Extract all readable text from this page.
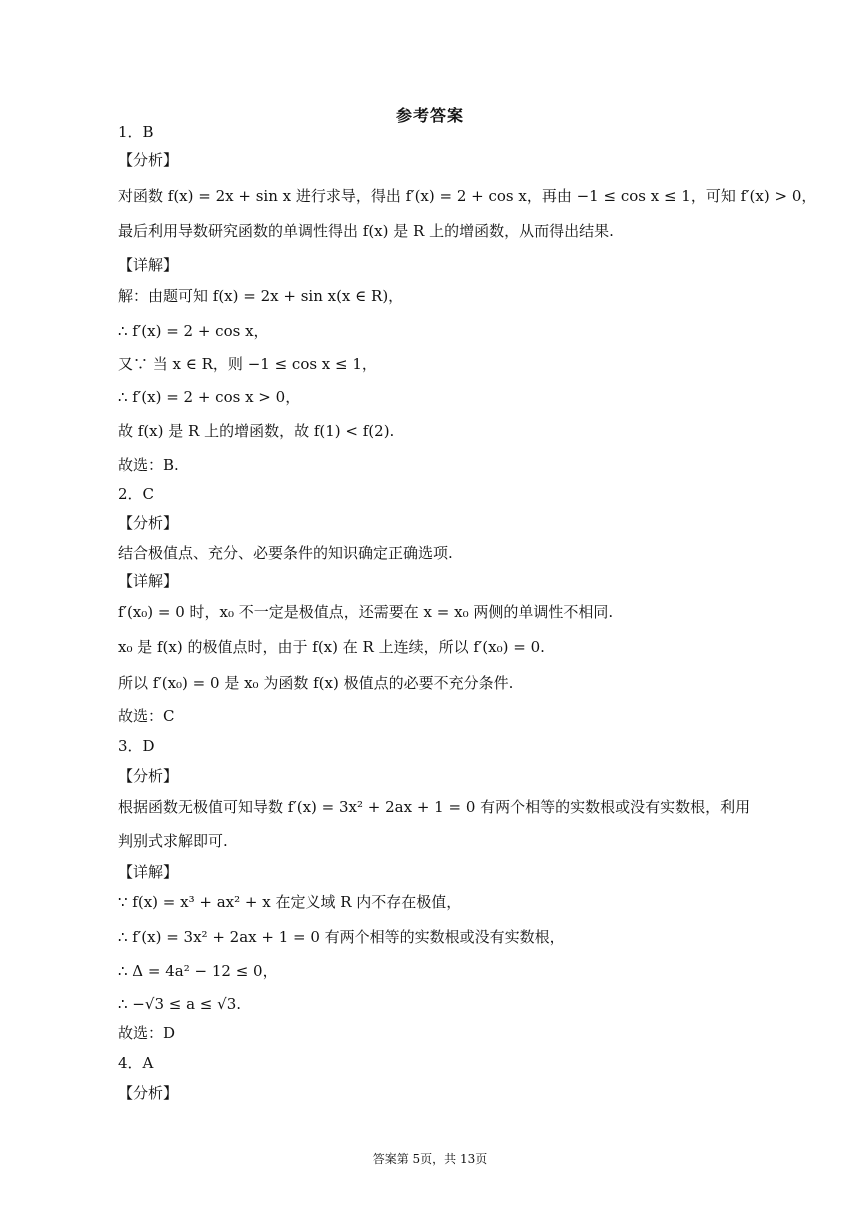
参考答案
1．B
【分析】
对函数 f(x) = 2x + sin x 进行求导，得出 f′(x) = 2 + cos x，再由 −1 ≤ cos x ≤ 1，可知 f′(x) > 0，
最后利用导数研究函数的单调性得出 f(x) 是 R 上的增函数，从而得出结果.
【详解】
解：由题可知 f(x) = 2x + sin x(x ∈ R)，
∴ f′(x) = 2 + cos x，
又∵ 当 x ∈ R，则 −1 ≤ cos x ≤ 1，
∴ f′(x) = 2 + cos x > 0，
故 f(x) 是 R 上的增函数，故 f(1) < f(2).
故选：B.
2．C
【分析】
结合极值点、充分、必要条件的知识确定正确选项.
【详解】
f′(x₀) = 0 时，x₀ 不一定是极值点，还需要在 x = x₀ 两侧的单调性不相同.
x₀ 是 f(x) 的极值点时，由于 f(x) 在 R 上连续，所以 f′(x₀) = 0.
所以 f′(x₀) = 0 是 x₀ 为函数 f(x) 极值点的必要不充分条件.
故选：C
3．D
【分析】
根据函数无极值可知导数 f′(x) = 3x² + 2ax + 1 = 0 有两个相等的实数根或没有实数根，利用
判别式求解即可.
【详解】
∵ f(x) = x³ + ax² + x 在定义域 R 内不存在极值，
∴ f′(x) = 3x² + 2ax + 1 = 0 有两个相等的实数根或没有实数根，
∴ Δ = 4a² − 12 ≤ 0，
∴ −√3 ≤ a ≤ √3.
故选：D
4．A
【分析】
答案第 5页，共 13页
